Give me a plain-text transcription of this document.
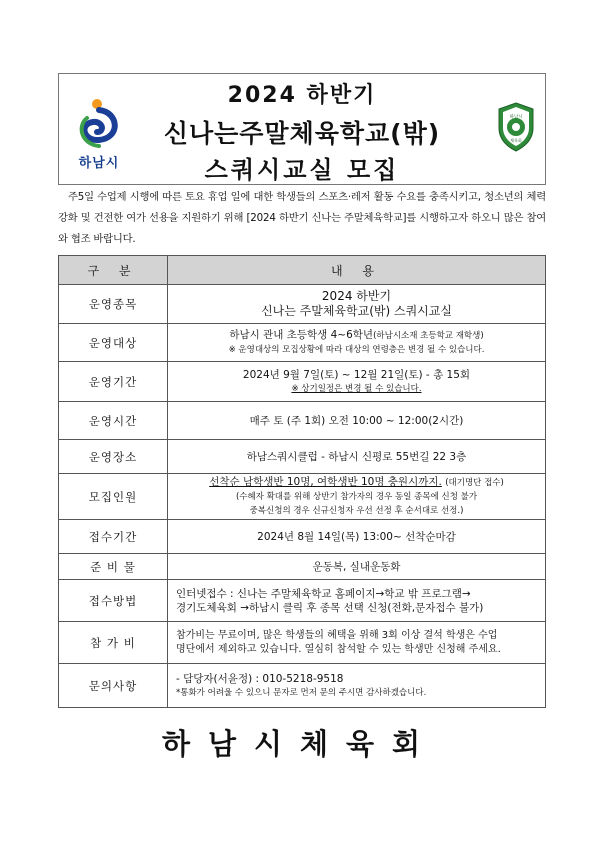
하남시
2024 하반기
신나는주말체육학교(밖)
스쿼시교실 모집
하남시
체육회
주5일 수업제 시행에 따른 토요 휴업 일에 대한 학생들의 스포츠·레저 활동 수요를 충족시키고, 청소년의 체력 강화 및 건전한 여가 선용을 지원하기 위해 [2024 하반기 신나는 주말체육학교]를 시행하고자 하오니 많은 참여와 협조 바랍니다.
구 분	내 용
운영종목	2024 하반기
신나는 주말체육학교(밖) 스쿼시교실

운영대상	하남시 관내 초등학생 4~6학년(하남시소재 초등학교 재학생)
※ 운영대상의 모집상황에 따라 대상의 연령층은 변경 될 수 있습니다.

운영기간	2024년 9월 7일(토) ~ 12월 21일(토) - 총 15회
※ 상기일정은 변경 될 수 있습니다.

운영시간	매주 토 (주 1회) 오전 10:00 ~ 12:00(2시간)
운영장소	하남스쿼시클럽 - 하남시 신평로 55번길 22 3층
모집인원	선착순 남학생반 10명, 여학생반 10명 충원시까지. (대기명단 접수)
(수혜자 확대를 위해 상반기 참가자의 경우 동일 종목에 신청 불가
중복신청의 경우 신규신청자 우선 선정 후 순서대로 선정.)

접수기간	2024년 8월 14일(목) 13:00~ 선착순마감
준 비 물	운동복, 실내운동화
접수방법	인터넷접수 : 신나는 주말체육학교 홈페이지→학교 밖 프로그램→
경기도체육회 →하남시 클릭 후 종목 선택 신청(전화,문자접수 불가)

참 가 비	참가비는 무료이며, 많은 학생들의 혜택을 위해 3회 이상 결석 학생은 수업
명단에서 제외하고 있습니다. 열심히 참석할 수 있는 학생만 신청해 주세요.

문의사항	- 담당자(서윤정) : 010-5218-9518
*통화가 어려울 수 있으니 문자로 먼저 문의 주시면 감사하겠습니다.
하남시체육회
